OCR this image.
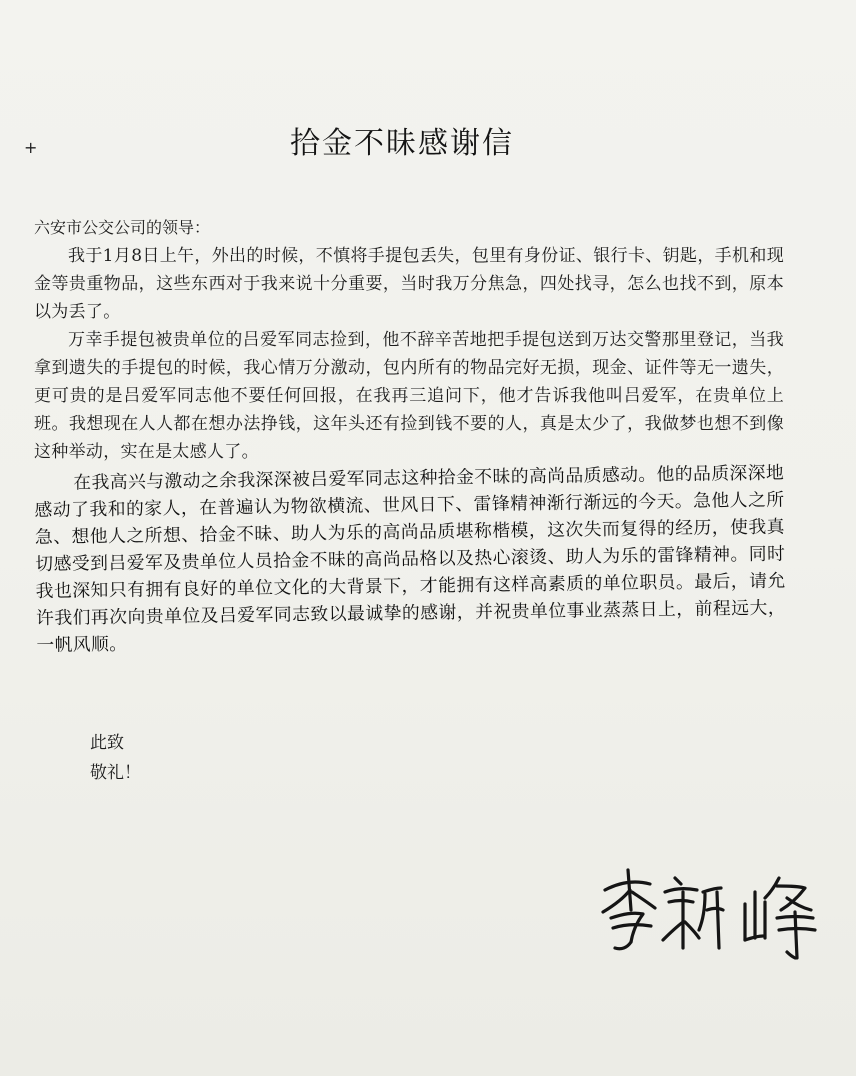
+	拾金不昧感谢信

六安市公交公司的领导：

我于1月8日上午，外出的时候，不慎将手提包丢失，包里有身份证、银行卡、钥匙，手机和现金等贵重物品，这些东西对于我来说十分重要，当时我万分焦急，四处找寻，怎么也找不到，原本以为丢了。

万幸手提包被贵单位的吕爱军同志捡到，他不辞辛苦地把手提包送到万达交警那里登记，当我拿到遗失的手提包的时候，我心情万分激动，包内所有的物品完好无损，现金、证件等无一遗失，更可贵的是吕爱军同志他不要任何回报，在我再三追问下，他才告诉我他叫吕爱军，在贵单位上班。我想现在人人都在想办法挣钱，这年头还有捡到钱不要的人，真是太少了，我做梦也想不到像这种举动，实在是太感人了。

在我高兴与激动之余我深深被吕爱军同志这种拾金不昧的高尚品质感动。他的品质深深地感动了我和的家人，在普遍认为物欲横流、世风日下、雷锋精神渐行渐远的今天。急他人之所急、想他人之所想、拾金不昧、助人为乐的高尚品质堪称楷模，这次失而复得的经历，使我真切感受到吕爱军及贵单位人员拾金不昧的高尚品格以及热心滚烫、助人为乐的雷锋精神。同时我也深知只有拥有良好的单位文化的大背景下，才能拥有这样高素质的单位职员。最后，请允许我们再次向贵单位及吕爱军同志致以最诚挚的感谢，并祝贵单位事业蒸蒸日上，前程远大，一帆风顺。

此致
敬礼！
